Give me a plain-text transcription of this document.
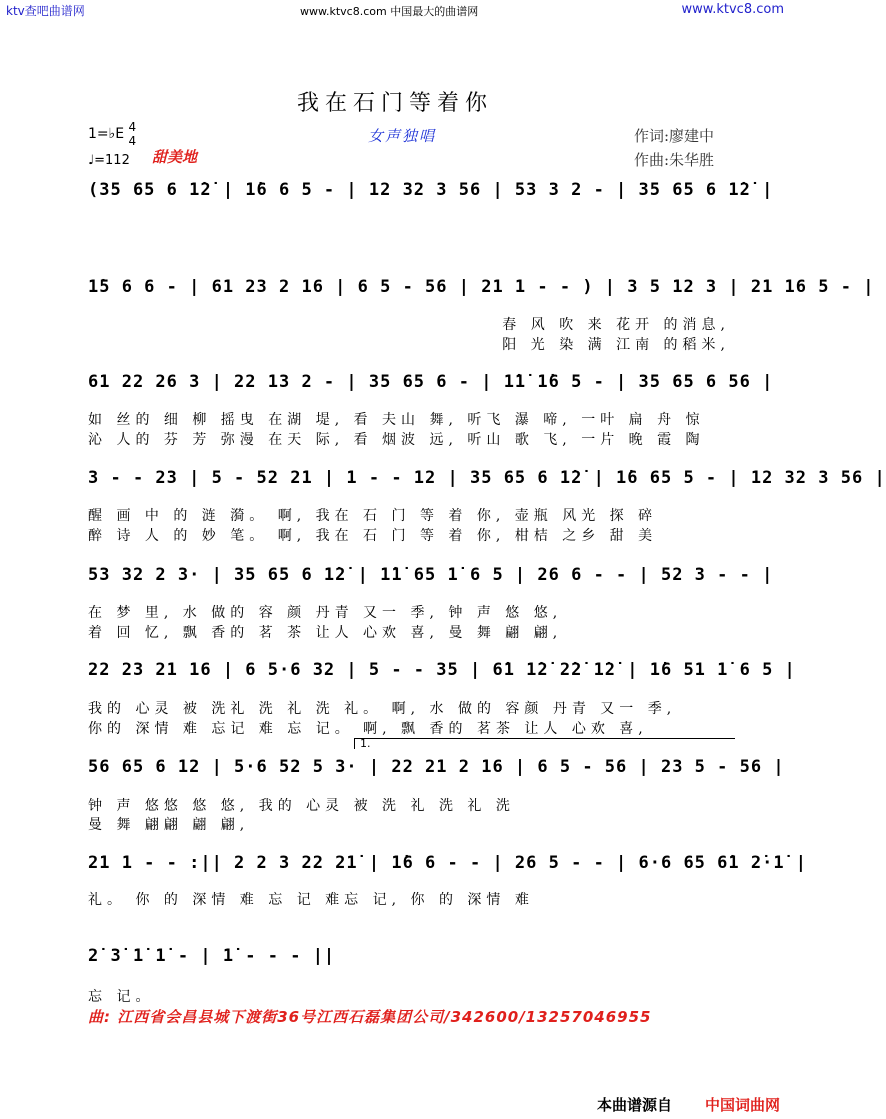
ktv查吧曲谱网	www.ktvc8.com 中国最大的曲谱网	www.ktvc8.com
我在石门等着你
女声独唱
1=♭E 4
4
♩=112 甜美地
作词:廖建中
作曲:朱华胜
(35 65 6 1̇2̇ | 1̇6 6 5 - | 12 32 3 56 | 53 3 2 - | 35 65 6 1̇2̇ |
1̇5 6 6 - | 61 23 2 16 | 6 5 - 56 | 21 1 - - ) | 3 5 12 3 | 21 16 5 - |
春 风 吹 来 花开 的消息,
阳 光 染 满 江南 的稻米,
61 22 26 3 | 22 13 2 - | 35 65 6 - | 1̇1̇ 1̇6 5 - | 35 65 6 56 |
如 丝的 细 柳 摇曳 在湖 堤, 看 夫山 舞, 听飞 瀑 啼, 一叶 扁 舟 惊
沁 人的 芬 芳 弥漫 在天 际, 看 烟波 远, 听山 歌 飞, 一片 晚 霞 陶
3 - - 23 | 5 - 52 21 | 1 - - 12 | 35 65 6 1̇2̇ | 1̇6 65 5 - | 12 32 3 56 |
醒 画 中 的 涟 漪。 啊, 我在 石 门 等 着 你, 壶瓶 风光 探 碎
醉 诗 人 的 妙 笔。 啊, 我在 石 门 等 着 你, 柑桔 之乡 甜 美
53 32 2 3· | 35 65 6 1̇2̇ | 1̇1̇ 65 1̇ 6 5 | 26 6 - - | 52 3 - - |
在 梦 里, 水 做的 容 颜 丹青 又一 季, 钟 声 悠 悠,
着 回 忆, 飘 香的 茗 茶 让人 心欢 喜, 曼 舞 翩 翩,
22 23 21 16 | 6 5·6 32 | 5 - - 35 | 6̇1 1̇2̇ 2̇2̇ 1̇2̇ | 1̇6 51 1̇ 6 5 |
我的 心灵 被 洗礼 洗 礼 洗 礼。 啊, 水 做的 容颜 丹青 又一 季,
你的 深情 难 忘记 难 忘 记。 啊, 飘 香的 茗茶 让人 心欢 喜,
1.
56 65 6 12 | 5·6 52 5 3· | 22 21 2 16 | 6 5 - 56 | 23 5 - 56 |
钟 声 悠悠 悠 悠, 我的 心灵 被 洗 礼 洗 礼 洗
曼 舞 翩翩 翩 翩,
21 1 - - :|| 2 2 3 22 21̇ | 1̇6 6 - - | 26 5 - - | 6·6 65 6̇1 2̇·1̇ |
礼。 你 的 深情 难 忘 记 难忘 记, 你 的 深情 难
2̇ 3̇ 1̇ 1̇ - | 1̇ - - - ||
忘 记。
曲: 江西省会昌县城下渡街36号江西石磊集团公司/342600/13257046955
本曲谱源自 中国词曲网
